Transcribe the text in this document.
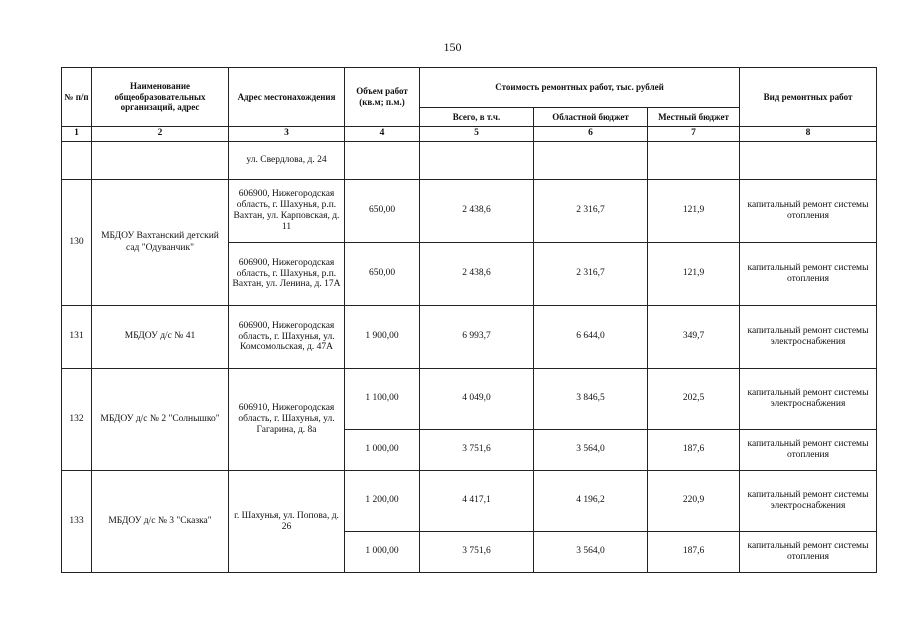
150
№ п/п	Наименование общеобразовательных организаций, адрес	Адрес местонахождения	Объем работ (кв.м; п.м.)	Стоимость ремонтных работ, тыс. рублей			Вид ремонтных работ
				Всего, в т.ч.	Областной бюджет	Местный бюджет	
1	2	3	4	5	6	7	8
		ул. Свердлова, д. 24					
130	МБДОУ Вахтанский детский сад "Одуванчик"	606900, Нижегородская область, г. Шахунья, р.п. Вахтан, ул. Карповская, д. 11	650,00	2 438,6	2 316,7	121,9	капитальный ремонт системы отопления
		606900, Нижегородская область, г. Шахунья, р.п. Вахтан, ул. Ленина, д. 17А	650,00	2 438,6	2 316,7	121,9	капитальный ремонт системы отопления
131	МБДОУ д/с № 41	606900, Нижегородская область, г. Шахунья, ул. Комсомольская, д. 47А	1 900,00	6 993,7	6 644,0	349,7	капитальный ремонт системы электроснабжения
132	МБДОУ д/с № 2 "Солнышко"	606910, Нижегородская область, г. Шахунья, ул. Гагарина, д. 8а	1 100,00	4 049,0	3 846,5	202,5	капитальный ремонт системы электроснабжения
			1 000,00	3 751,6	3 564,0	187,6	капитальный ремонт системы отопления
133	МБДОУ д/с № 3 "Сказка"	г. Шахунья, ул. Попова, д. 26	1 200,00	4 417,1	4 196,2	220,9	капитальный ремонт системы электроснабжения
			1 000,00	3 751,6	3 564,0	187,6	капитальный ремонт системы отопления
